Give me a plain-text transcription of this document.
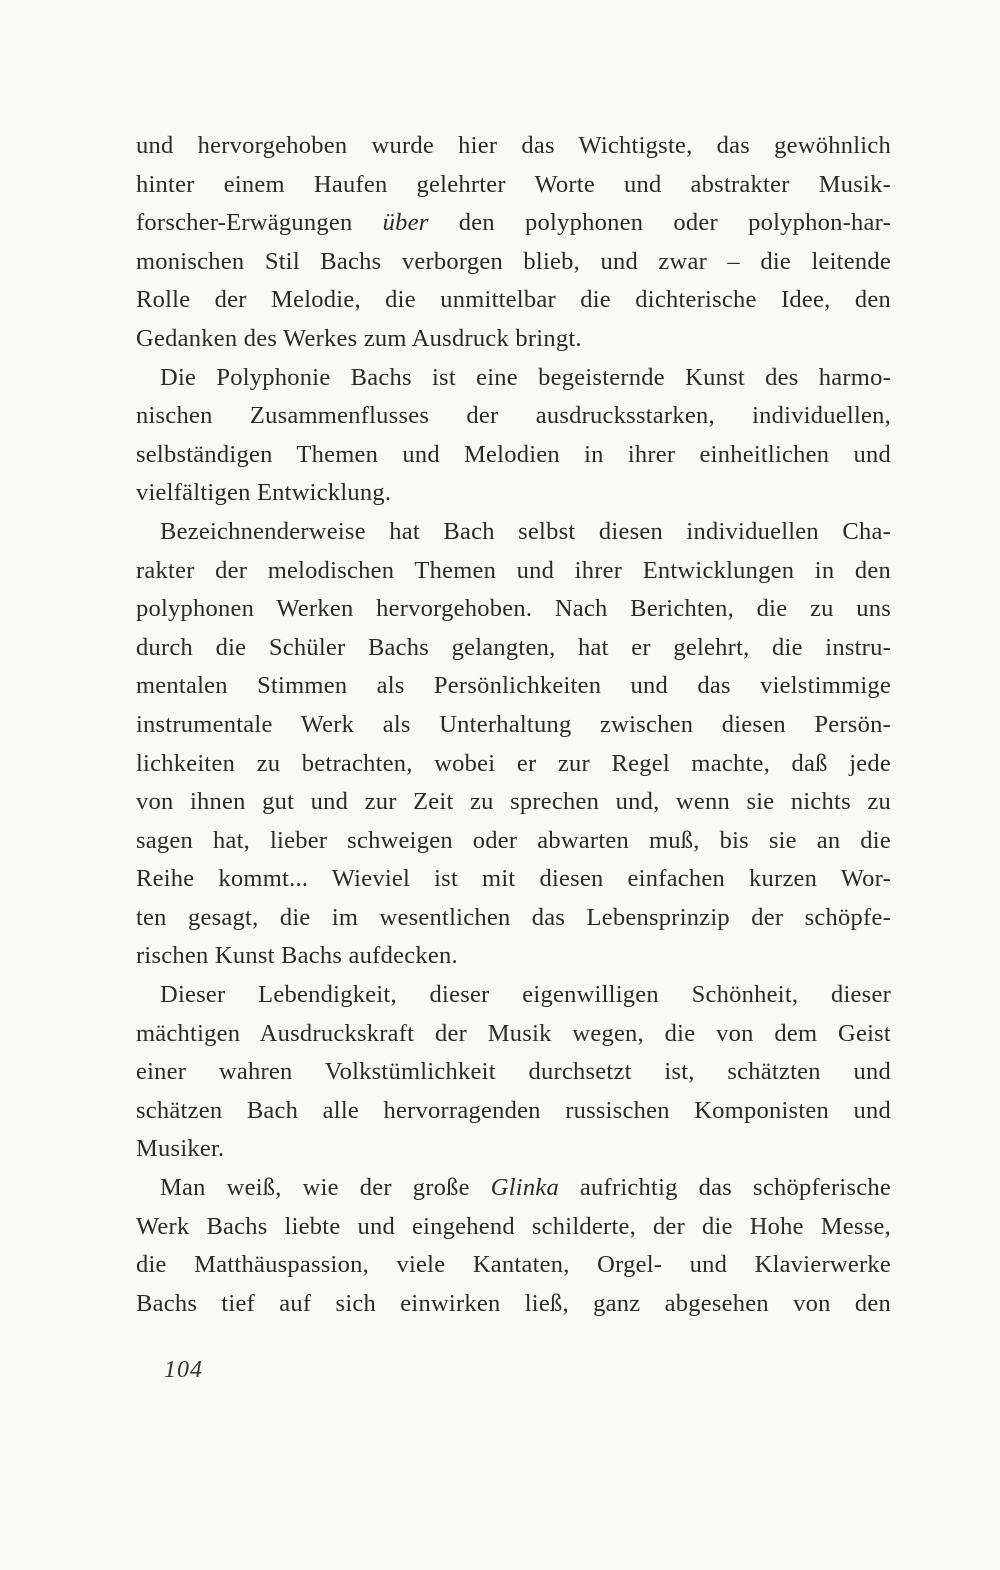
und hervorgehoben wurde hier das Wichtigste, das gewöhnlich
hinter einem Haufen gelehrter Worte und abstrakter Musik-
forscher-Erwägungen über den polyphonen oder polyphon-har-
monischen Stil Bachs verborgen blieb, und zwar – die leitende
Rolle der Melodie, die unmittelbar die dichterische Idee, den
Gedanken des Werkes zum Ausdruck bringt.
Die Polyphonie Bachs ist eine begeisternde Kunst des harmo-
nischen Zusammenflusses der ausdrucksstarken, individuellen,
selbständigen Themen und Melodien in ihrer einheitlichen und
vielfältigen Entwicklung.
Bezeichnenderweise hat Bach selbst diesen individuellen Cha-
rakter der melodischen Themen und ihrer Entwicklungen in den
polyphonen Werken hervorgehoben. Nach Berichten, die zu uns
durch die Schüler Bachs gelangten, hat er gelehrt, die instru-
mentalen Stimmen als Persönlichkeiten und das vielstimmige
instrumentale Werk als Unterhaltung zwischen diesen Persön-
lichkeiten zu betrachten, wobei er zur Regel machte, daß jede
von ihnen gut und zur Zeit zu sprechen und, wenn sie nichts zu
sagen hat, lieber schweigen oder abwarten muß, bis sie an die
Reihe kommt... Wieviel ist mit diesen einfachen kurzen Wor-
ten gesagt, die im wesentlichen das Lebensprinzip der schöpfe-
rischen Kunst Bachs aufdecken.
Dieser Lebendigkeit, dieser eigenwilligen Schönheit, dieser
mächtigen Ausdruckskraft der Musik wegen, die von dem Geist
einer wahren Volkstümlichkeit durchsetzt ist, schätzten und
schätzen Bach alle hervorragenden russischen Komponisten und
Musiker.
Man weiß, wie der große Glinka aufrichtig das schöpferische
Werk Bachs liebte und eingehend schilderte, der die Hohe Messe,
die Matthäuspassion, viele Kantaten, Orgel- und Klavierwerke
Bachs tief auf sich einwirken ließ, ganz abgesehen von den
104
